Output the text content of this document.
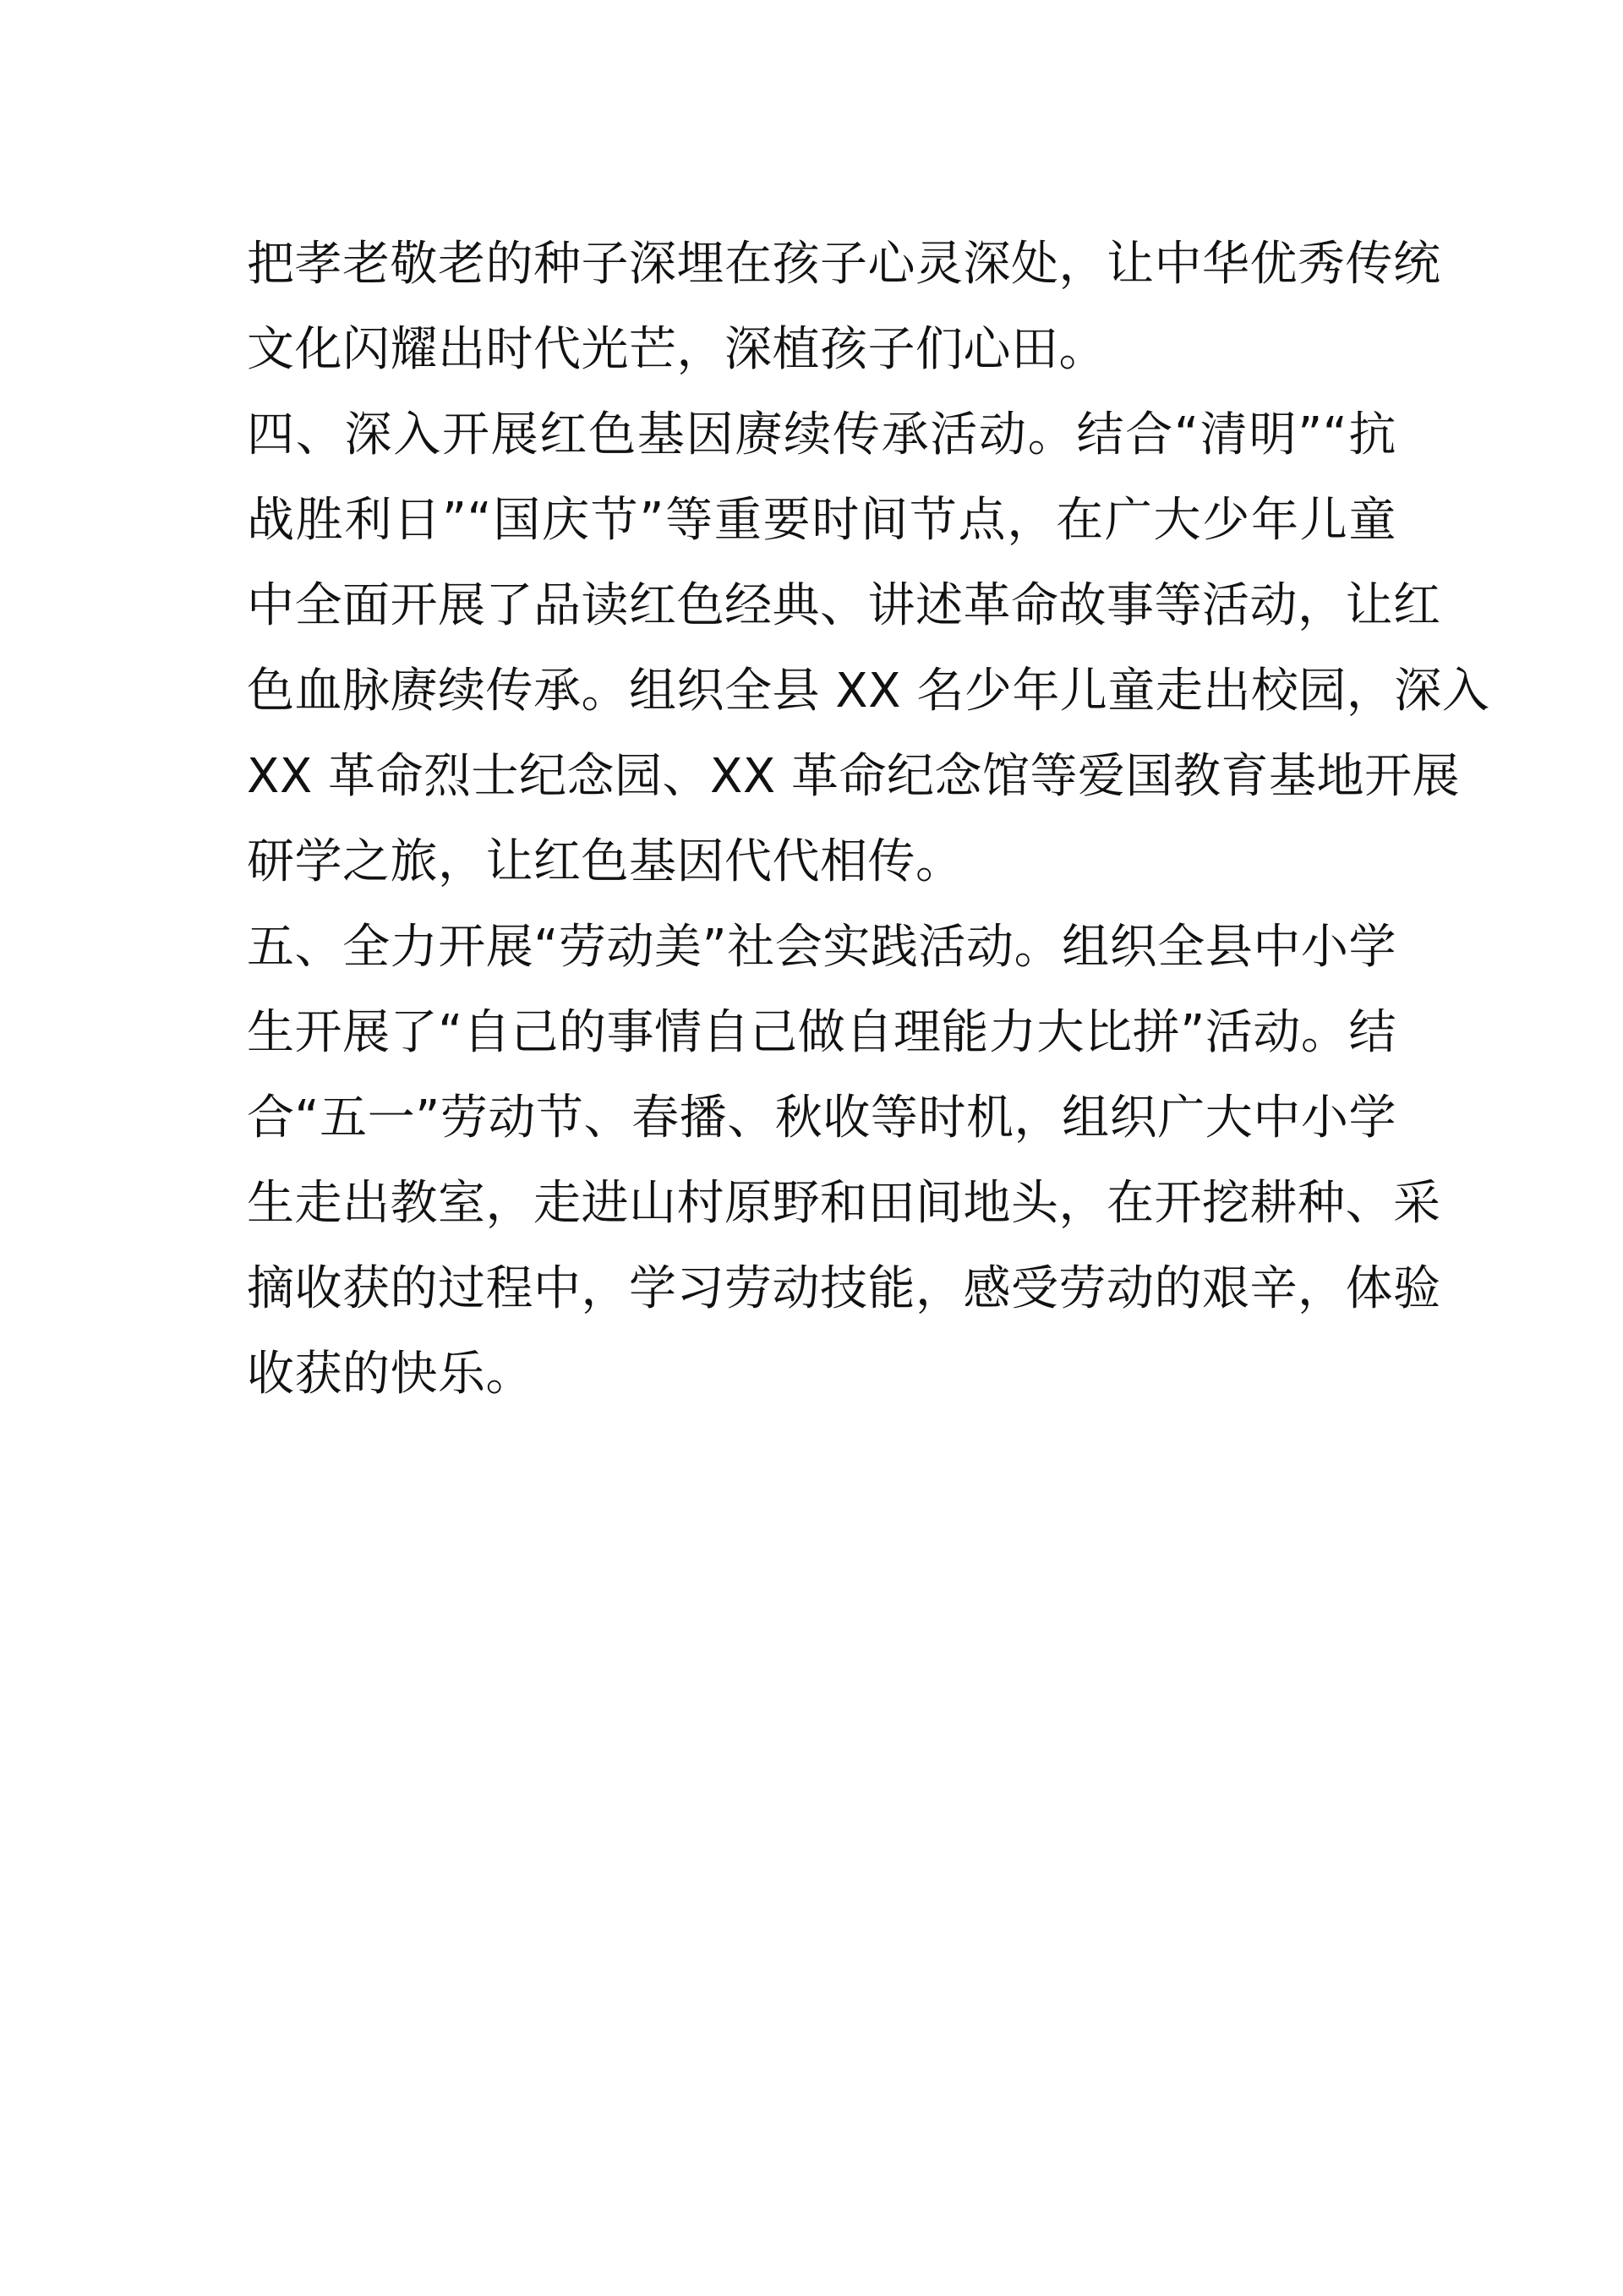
把孝老敬老的种子深埋在孩子心灵深处，让中华优秀传统
文化闪耀出时代光芒，深植孩子们心田。
四、深入开展红色基因赓续传承活动。结合“清明”“抗
战胜利日”“国庆节”等重要时间节点，在广大少年儿童
中全面开展了品读红色经典、讲述革命故事等活动，让红
色血脉赓续传承。组织全县 XX 名少年儿童走出校园，深入
XX 革命烈士纪念园、XX 革命纪念馆等爱国教育基地开展
研学之旅，让红色基因代代相传。
五、全力开展“劳动美”社会实践活动。组织全县中小学
生开展了“自己的事情自己做自理能力大比拼”活动。结
合“五一”劳动节、春播、秋收等时机，组织广大中小学
生走出教室，走进山村原野和田间地头，在开挖耕种、采
摘收获的过程中，学习劳动技能，感受劳动的艰辛，体验
收获的快乐。
